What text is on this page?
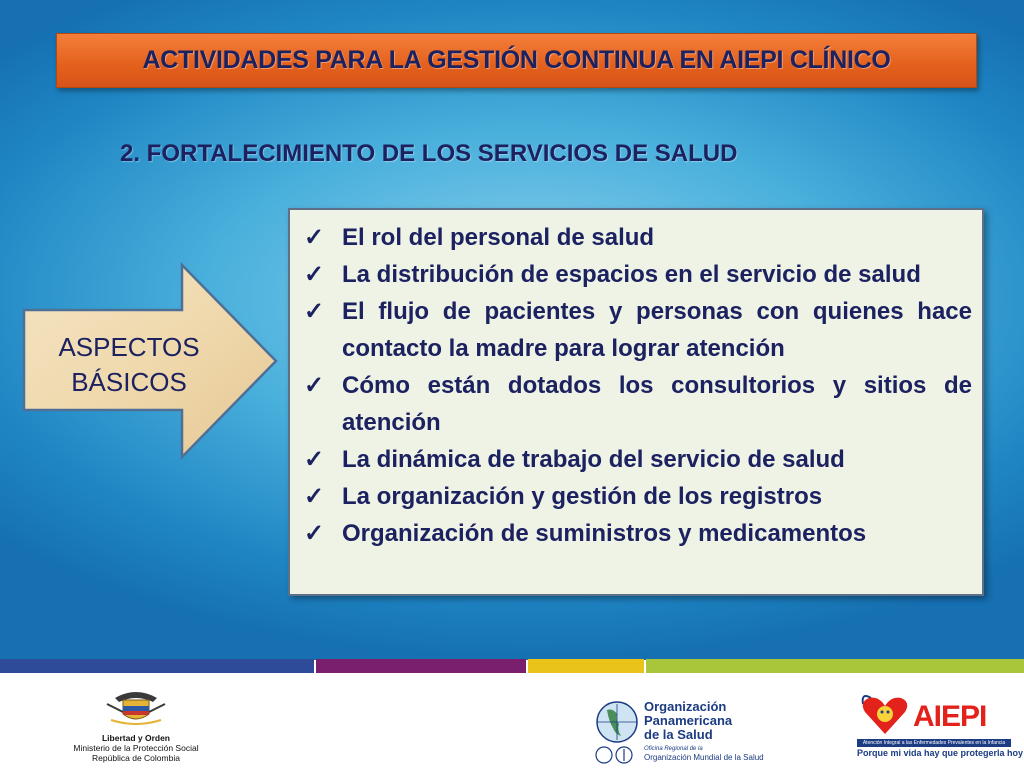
ACTIVIDADES PARA LA GESTIÓN CONTINUA EN AIEPI CLÍNICO
2. FORTALECIMIENTO DE LOS SERVICIOS DE SALUD
ASPECTOS
BÁSICOS
✓ El rol del personal de salud
✓ La distribución de espacios en el servicio de salud
✓ El flujo de pacientes y personas con quienes hace contacto la madre para lograr atención
✓ Cómo están dotados los consultorios y sitios de atención
✓ La dinámica de trabajo del servicio de salud
✓ La organización y gestión de los registros
✓ Organización de suministros y medicamentos
Libertad y Orden
Ministerio de la Protección Social
República de Colombia
Organización
Panamericana
de la Salud
Oficina Regional de la
Organización Mundial de la Salud
AIEPI
Atención Integral a las Enfermedades Prevalentes en la Infancia
Porque mi vida hay que protegerla hoy
